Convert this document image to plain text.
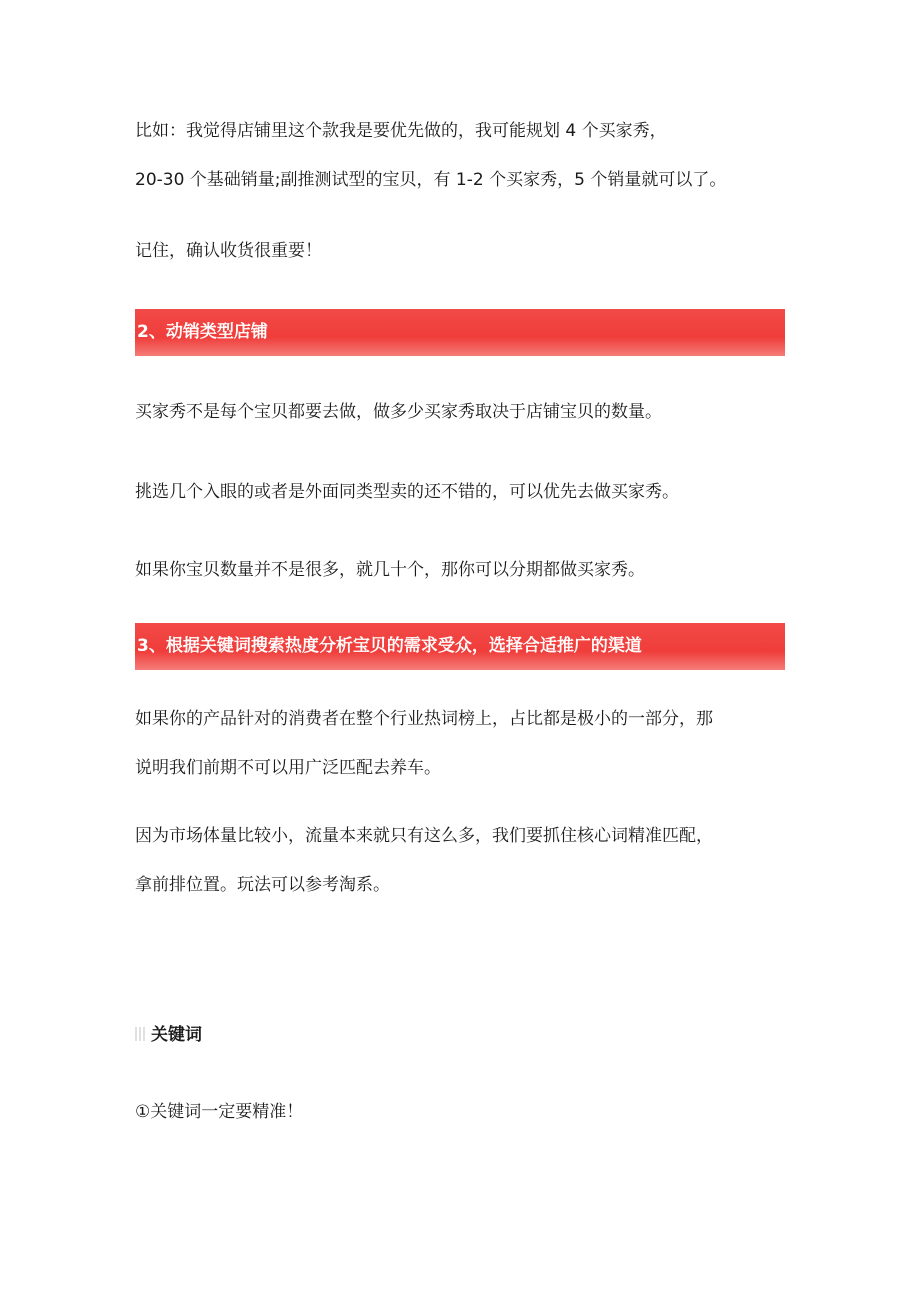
比如：我觉得店铺里这个款我是要优先做的，我可能规划 4 个买家秀，
20-30 个基础销量;副推测试型的宝贝，有 1-2 个买家秀，5 个销量就可以了。
记住，确认收货很重要！
2、动销类型店铺
买家秀不是每个宝贝都要去做，做多少买家秀取决于店铺宝贝的数量。
挑选几个入眼的或者是外面同类型卖的还不错的，可以优先去做买家秀。
如果你宝贝数量并不是很多，就几十个，那你可以分期都做买家秀。
3、根据关键词搜索热度分析宝贝的需求受众，选择合适推广的渠道
如果你的产品针对的消费者在整个行业热词榜上，占比都是极小的一部分，那
说明我们前期不可以用广泛匹配去养车。
因为市场体量比较小，流量本来就只有这么多，我们要抓住核心词精准匹配，
拿前排位置。玩法可以参考淘系。
关键词
①关键词一定要精准！
